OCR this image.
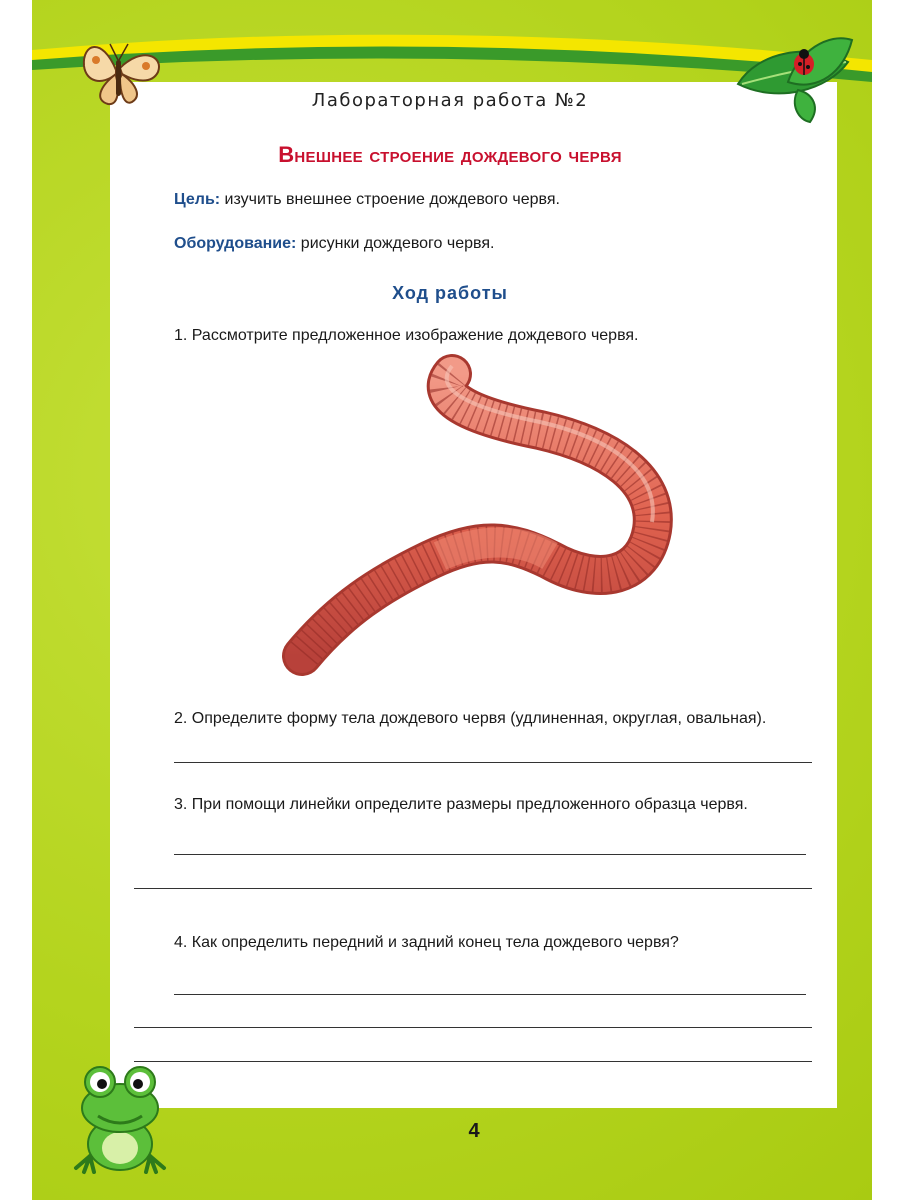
Лабораторная работа №2
Внешнее строение дождевого червя
Цель: изучить внешнее строение дождевого червя.
Оборудование: рисунки дождевого червя.
Ход работы
1. Рассмотрите предложенное изображение дождевого червя.
2. Определите форму тела дождевого червя (удлиненная, округлая, овальная).
3. При помощи линейки определите размеры предложенного образца червя.
4. Как определить передний и задний конец тела дождевого червя?
4
